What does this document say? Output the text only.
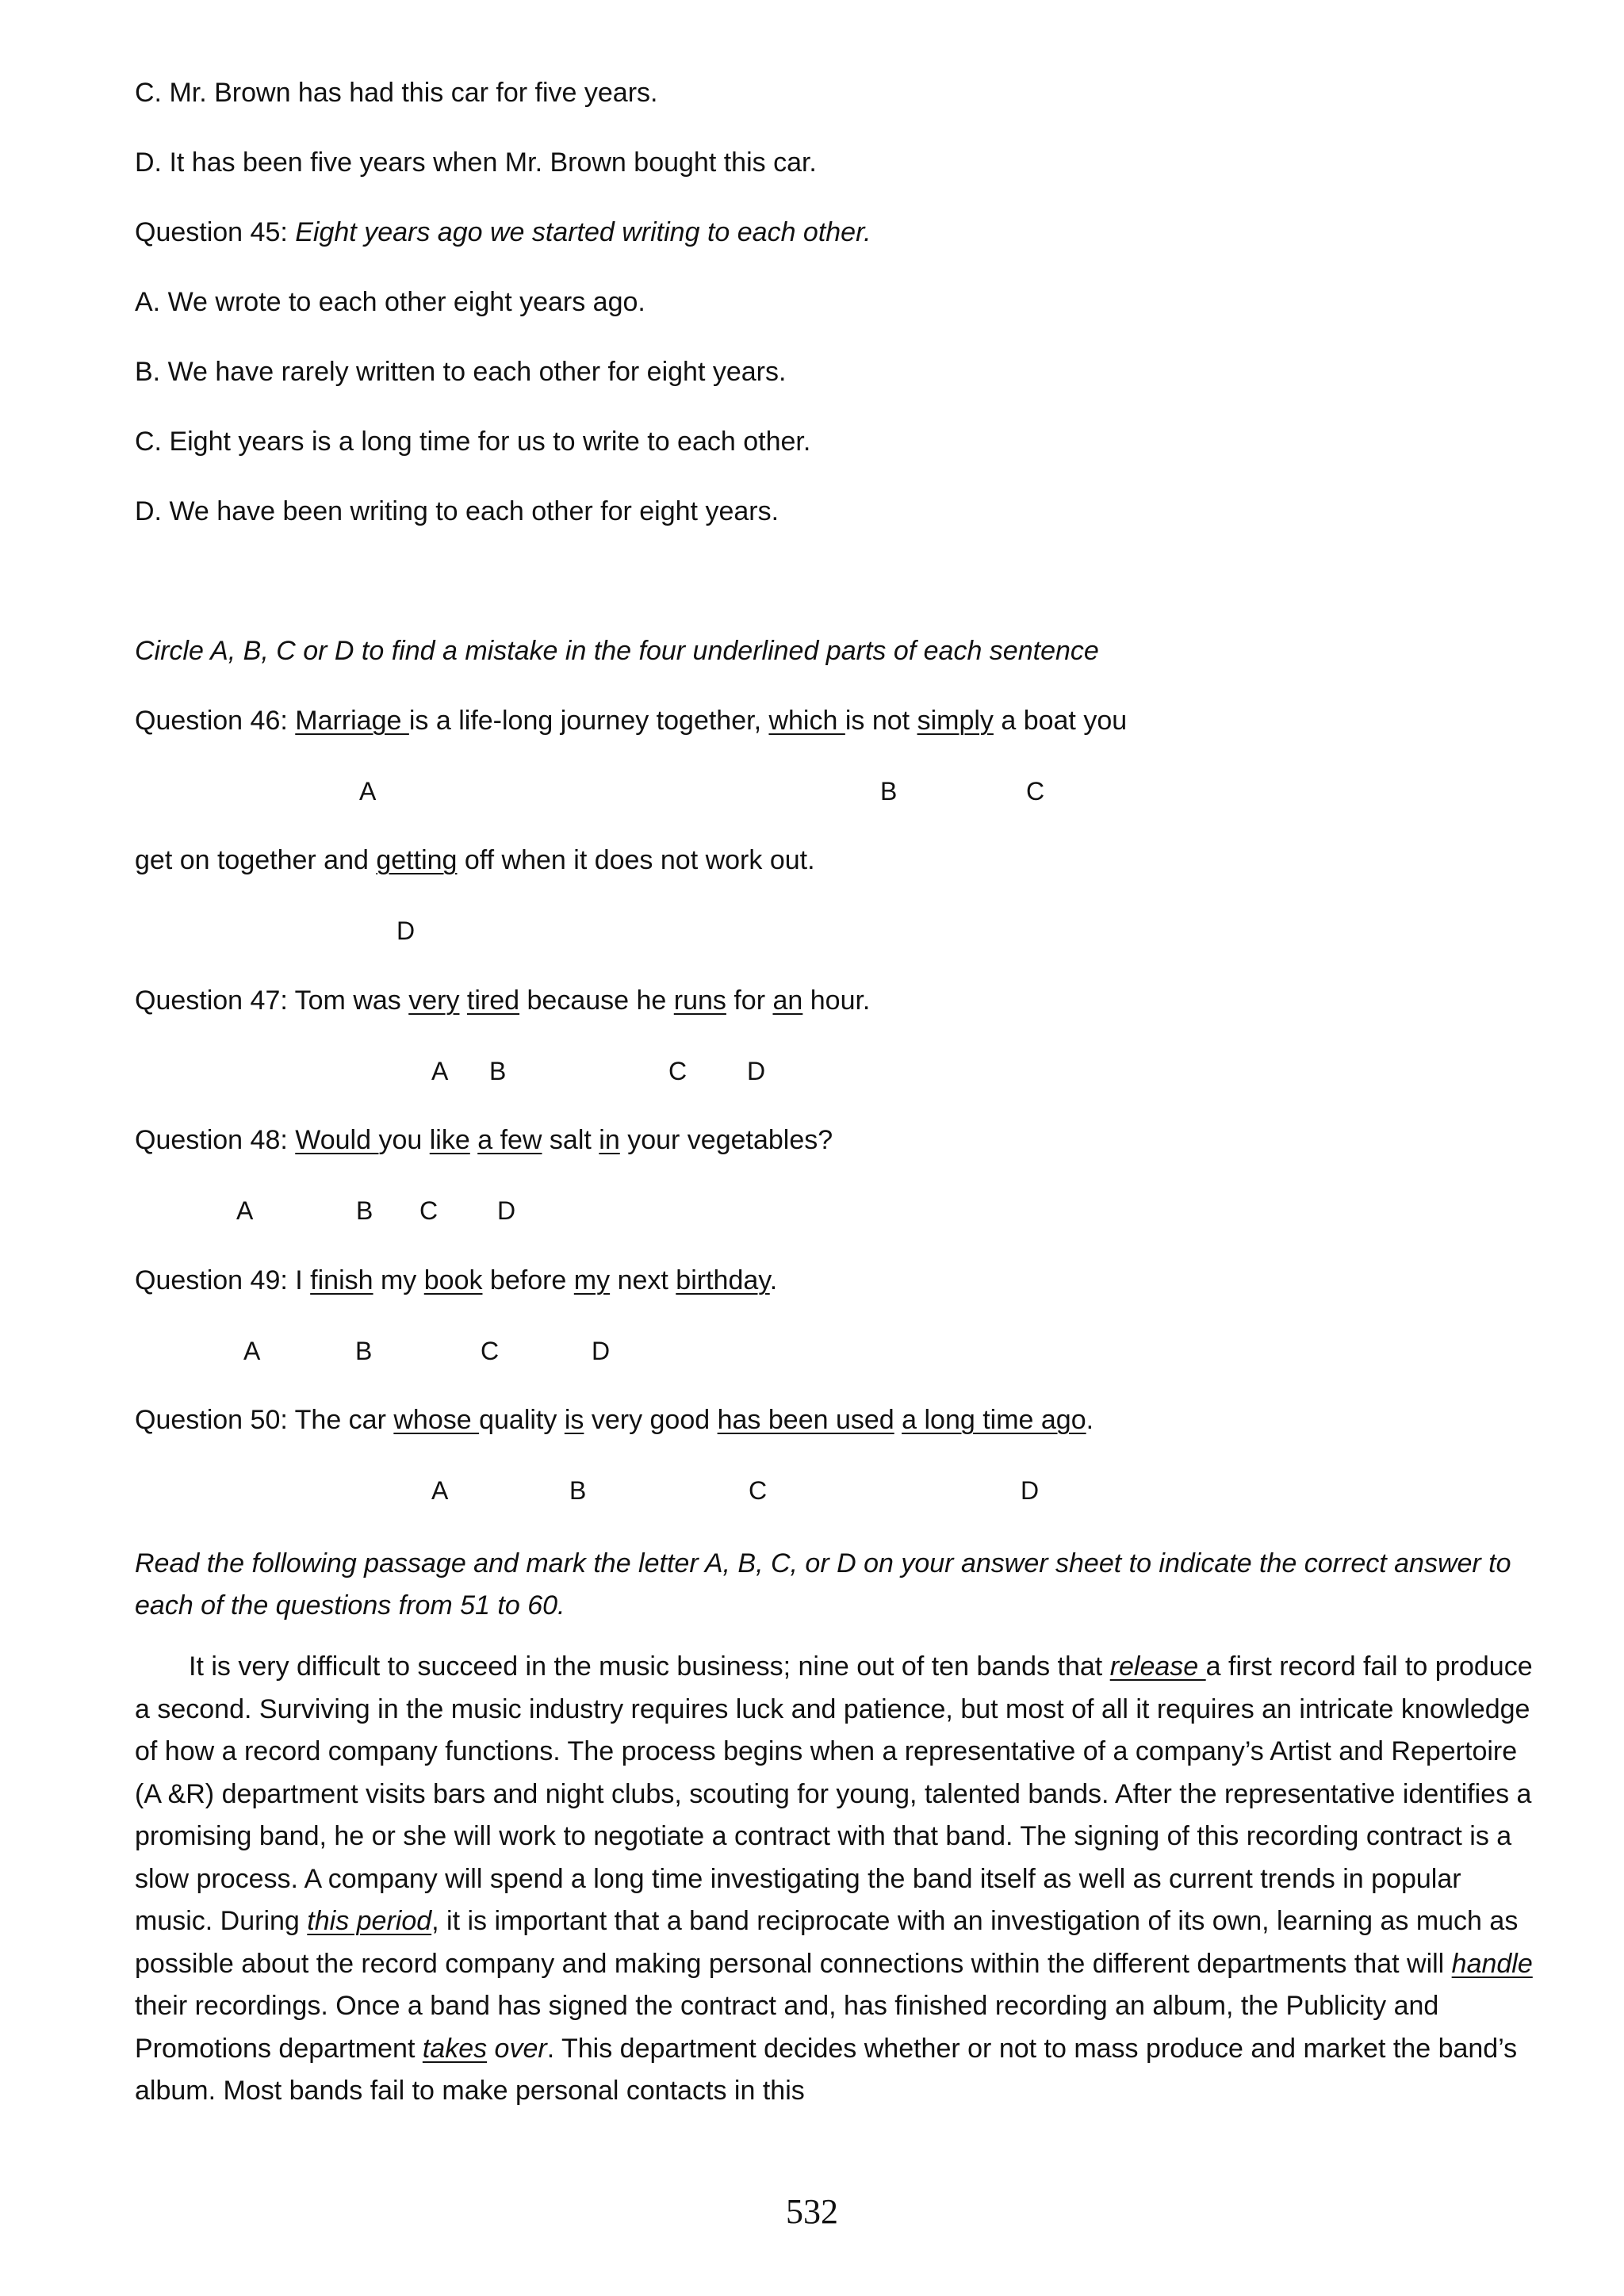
C. Mr. Brown has had this car for five years.
D. It has been five years when Mr. Brown bought this car.
Question 45: Eight years ago we started writing to each other.
A. We wrote to each other eight years ago.
B. We have rarely written to each other for eight years.
C. Eight years is a long time for us to write to each other.
D. We have been writing to each other for eight years.
Circle A, B, C or D to find a mistake in the four underlined parts of each sentence
Question 46: Marriage is a life-long journey together, which is not simply a boat you
A	B	C
get on together and getting off when it does not work out.
D
Question 47: Tom was very tired because he runs for an hour.
A B	C D
Question 48: Would you like a few salt in your vegetables?
A	B C D
Question 49: I finish my book before my next birthday.
A	B	C	D
Question 50: The car whose quality is very good has been used a long time ago.
A	B	C	D
Read the following passage and mark the letter A, B, C, or D on your answer sheet to indicate the correct answer to each of the questions from 51 to 60.
It is very difficult to succeed in the music business; nine out of ten bands that release a first record fail to produce a second. Surviving in the music industry requires luck and patience, but most of all it requires an intricate knowledge of how a record company functions. The process begins when a representative of a company’s Artist and Repertoire (A &R) department visits bars and night clubs, scouting for young, talented bands. After the representative identifies a promising band, he or she will work to negotiate a contract with that band. The signing of this recording contract is a slow process. A company will spend a long time investigating the band itself as well as current trends in popular music. During this period, it is important that a band reciprocate with an investigation of its own, learning as much as possible about the record company and making personal connections within the different departments that will handle their recordings. Once a band has signed the contract and, has finished recording an album, the Publicity and Promotions department takes over. This department decides whether or not to mass produce and market the band’s album. Most bands fail to make personal contacts in this
532
